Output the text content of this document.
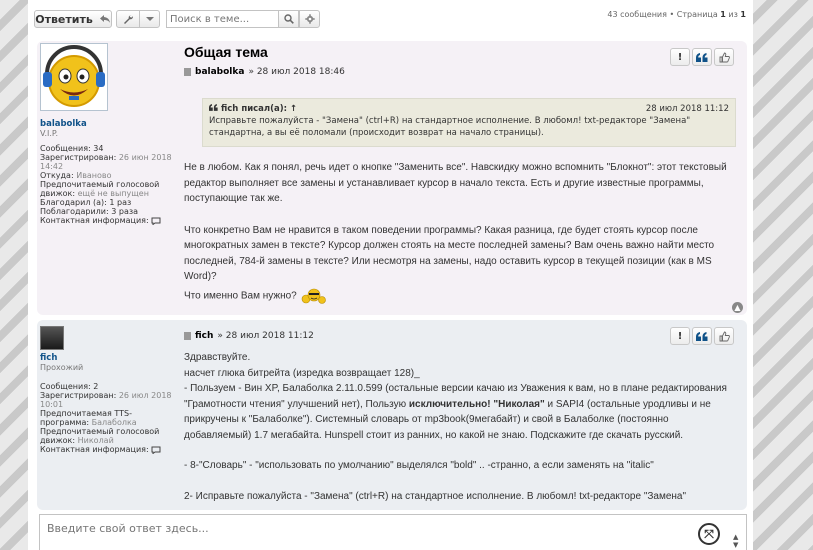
Ответить
Поиск в теме...	43 сообщения • Страница 1 из 1
balabolka
V.I.P.
Сообщения: 34
Зарегистрирован: 26 июн 2018 14:42
Откуда: Иваново
Предпочитаемый голосовой движок: ещё не выпущен
Благодарил (а): 1 раз
Поблагодарили: 3 раза
Контактная информация:
Общая тема
balabolka » 28 июл 2018 18:46
!
fich писал(а): ↑	28 июл 2018 11:12
Исправьте пожалуйста - "Замена" (ctrl+R) на стандартное исполнение. В любомл! txt-редакторе "Замена" стандартна, а вы её поломали (происходит возврат на начало страницы).

Не в любом. Как я понял, речь идет о кнопке "Заменить все". Навскидку можно вспомнить "Блокнот": этот текстовый редактор выполняет все замены и устанавливает курсор в начало текста. Есть и другие известные программы, поступающие так же.

Что конкретно Вам не нравится в таком поведении программы? Какая разница, где будет стоять курсор после многократных замен в тексте? Курсор должен стоять на месте последней замены? Вам очень важно найти место последней, 784-й замены в тексте? Или несмотря на замены, надо оставить курсор в текущей позиции (как в MS Word)?

Что именно Вам нужно?

▲
fich
Прохожий
Сообщения: 2
Зарегистрирован: 26 июл 2018 10:01
Предпочитаемая TTS-программа: Балаболка
Предпочитаемый голосовой движок: Николай
Контактная информация:
fich » 28 июл 2018 11:12	!

Здравствуйте.

насчет глюка битрейта (изредка возвращает 128)_

- Пользуем - Вин XP, Балаболка 2.11.0.599 (остальные версии качаю из Уважения к вам, но в плане редактирования "Грамотности чтения" улучшений нет), Пользую исключительно! "Николая" и SAPI4 (остальные уродливы и не прикручены к "Балаболке"). Системный словарь от mp3book(9мегабайт) и свой в Балаболке (постоянно добавляемый) 1.7 мегабайта. Hunspell стоит из ранних, но какой не знаю. Подскажите где скачать русский.

- 8-"Словарь" - "использовать по умолчанию" выделялся "bold" .. -странно, а если заменять на "italic"

2- Исправьте пожалуйста - "Замена" (ctrl+R) на стандартное исполнение. В любомл! txt-редакторе "Замена"

Введите свой ответ здесь...
⤧	▲
▼
